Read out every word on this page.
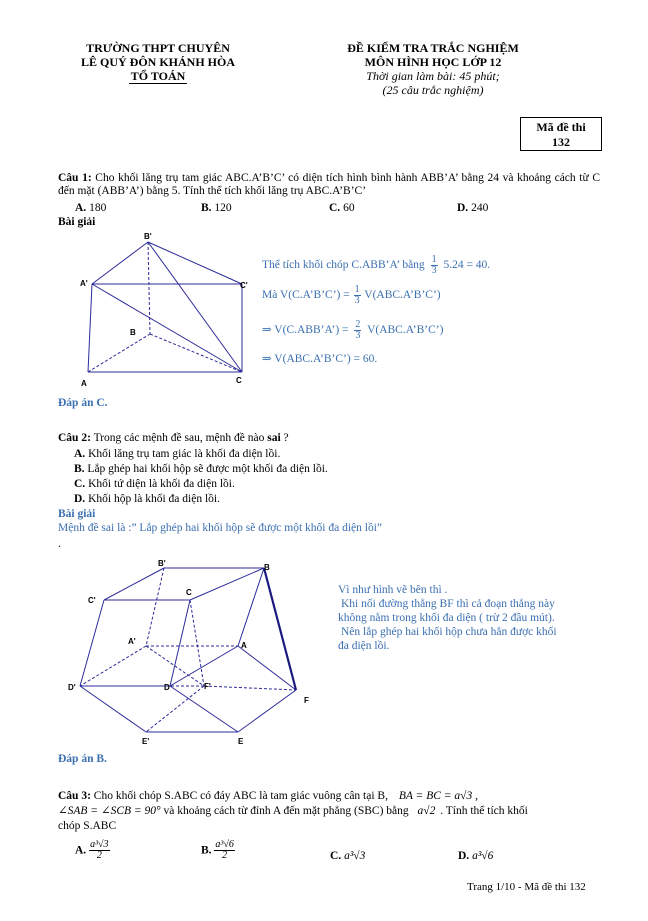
TRƯỜNG THPT CHUYÊN
LÊ QUÝ ĐÔN KHÁNH HÒA
TỔ TOÁN
ĐỀ KIỂM TRA TRẮC NGHIỆM
MÔN HÌNH HỌC LỚP 12
Thời gian làm bài: 45 phút;
(25 câu trắc nghiệm)
Mã đề thi
132
Câu 1: Cho khối lăng trụ tam giác ABC.A’B’C’ có diện tích hình bình hành ABB’A’ bằng 24 và khoảng cách từ C đến mặt (ABB’A’) bằng 5. Tính thể tích khối lăng trụ ABC.A’B’C’
A. 180	B. 120	C. 60	D. 240
Bài giải
B'
A'	C'
B
A	C
Thể tích khối chóp C.ABB’A’ bằng $\frac{1}{3} 5.24 = 40$.
Mà V(C.A’B’C’) = $\frac{1}{3}$ V(ABC.A’B’C’)
⇒ V(C.ABB’A’) = $\frac{2}{3}$ V(ABC.A’B’C’)
⇒ V(ABC.A’B’C’) = 60.
Đáp án C.
Câu 2: Trong các mệnh đề sau, mệnh đề nào sai ?
A. Khối lăng trụ tam giác là khối đa diện lồi.
B. Lắp ghép hai khối hộp sẽ được một khối đa diện lồi.
C. Khối tứ diện là khối đa diện lồi.
D. Khối hộp là khối đa diện lồi.
Bài giải
Mệnh đề sai là :” Lắp ghép hai khối hộp sẽ được một khối đa diện lồi”
.
B'	B
C'
C
A'	A
D'	D	F'
F
E'	E
Vì như hình vẽ bên thì .
Khi nối đường thẳng BF thì cả đoạn thẳng này
không nằm trong khối đa diện ( trừ 2 đầu mút).
Nên lắp ghép hai khối hộp chưa hẳn được khối
đa diện lồi.
Đáp án B.
Câu 3: Cho khối chóp S.ABC có đáy ABC là tam giác vuông cân tại B, BA = BC = a√3 ,
∠SAB = ∠SCB = 90° và khoảng cách từ đỉnh A đến mặt phẳng (SBC) bằng a√2 . Tính thể tích khối
chóp S.ABC
A. $\frac{\text{a³√3}}{2}$	B. $\frac{\text{a³√6}}{2}$	C. a³√3	D. a³√6
Trang 1/10 - Mã đề thi 132
